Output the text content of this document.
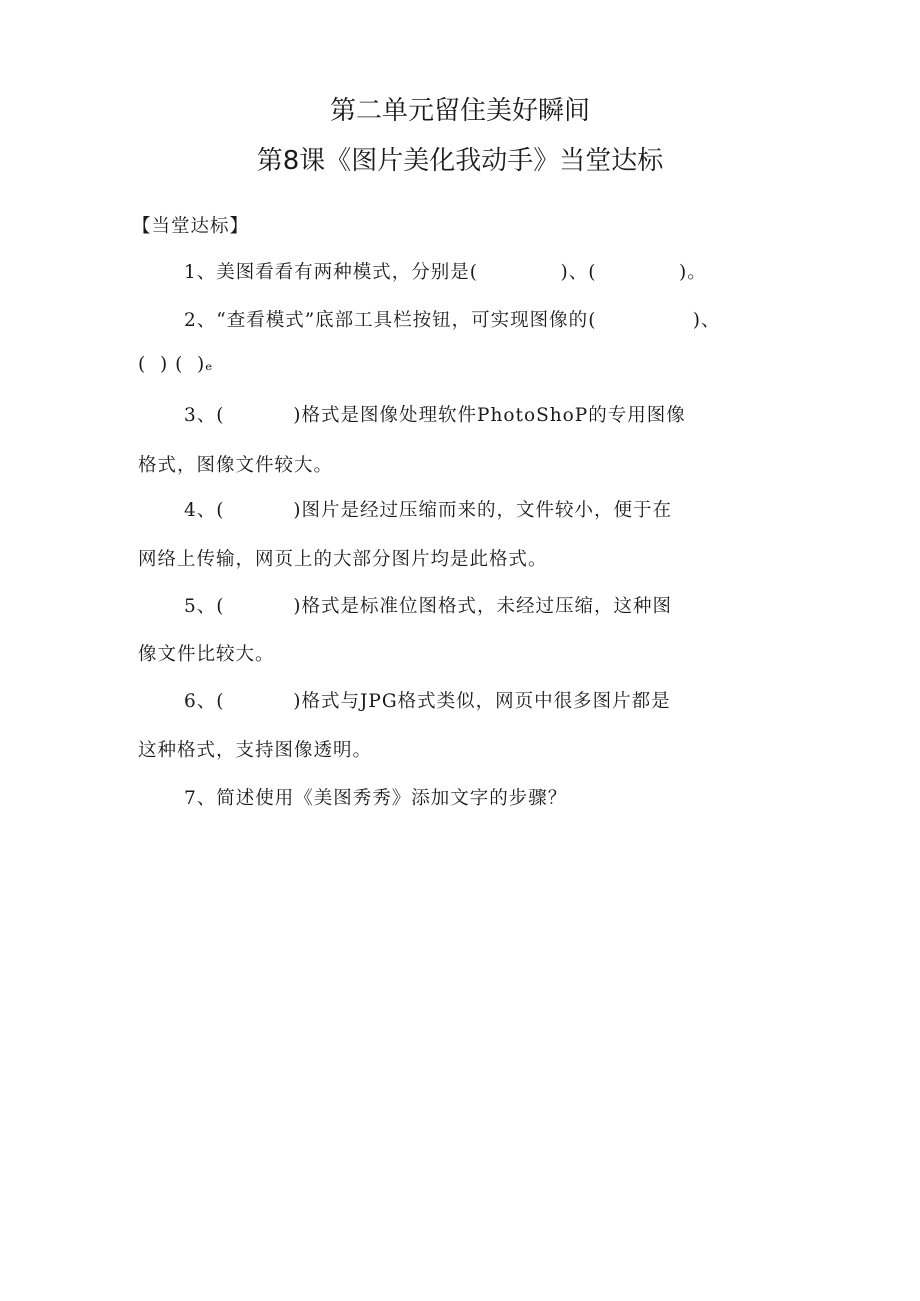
第二单元留住美好瞬间
第8课《图片美化我动手》当堂达标
【当堂达标】
1、美图看看有两种模式，分别是(            )、(            )。
2、“查看模式”底部工具栏按钮，可实现图像的(              )、
(  ) (  )ₑ
3、(          )格式是图像处理软件PhotoShoP的专用图像
格式，图像文件较大。
4、(          )图片是经过压缩而来的，文件较小，便于在
网络上传输，网页上的大部分图片均是此格式。
5、(          )格式是标准位图格式，未经过压缩，这种图
像文件比较大。
6、(          )格式与JPG格式类似，网页中很多图片都是
这种格式，支持图像透明。
7、简述使用《美图秀秀》添加文字的步骤？
